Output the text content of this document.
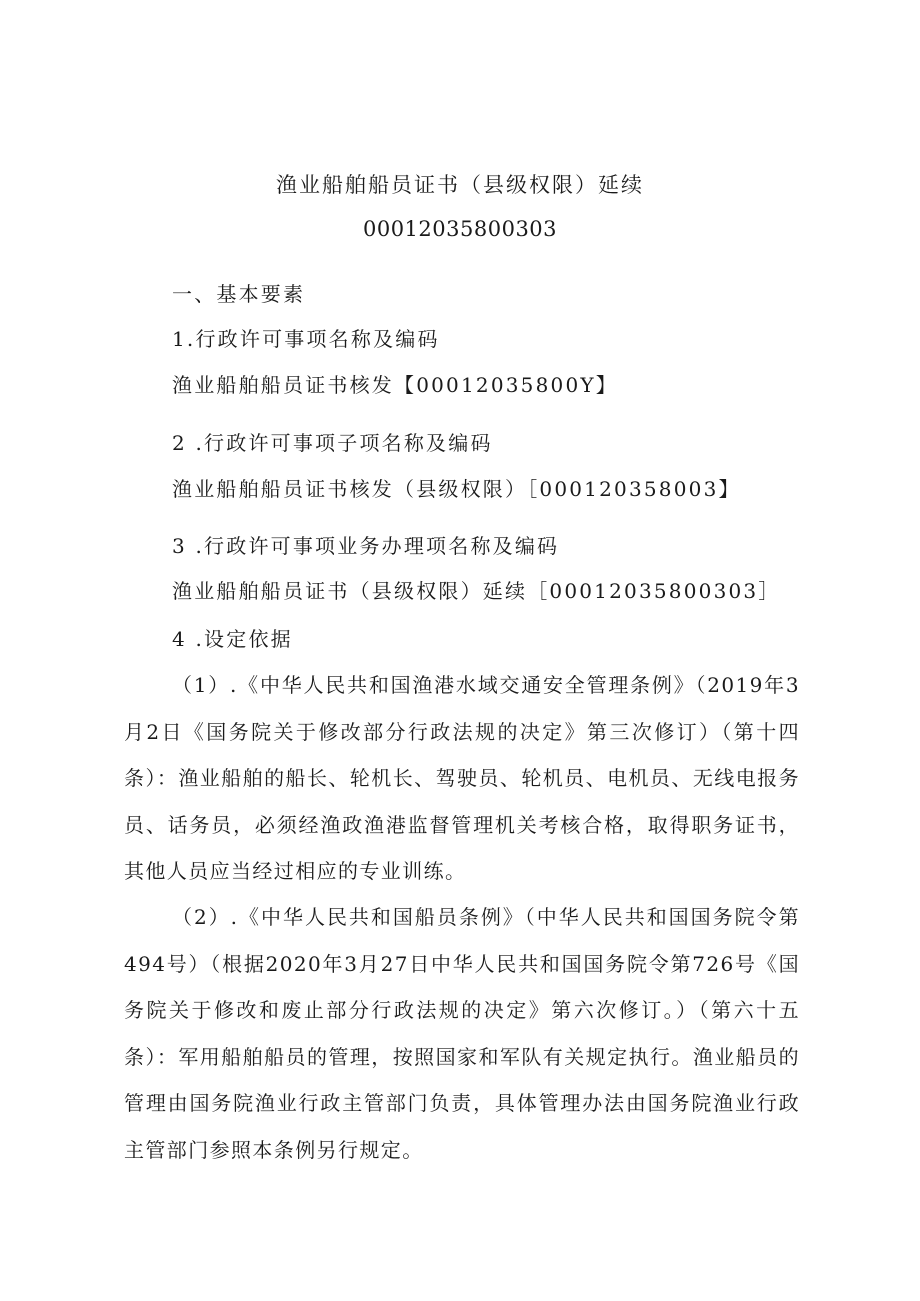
渔业船舶船员证书（县级权限）延续
00012035800303
一、基本要素
1.行政许可事项名称及编码
渔业船舶船员证书核发【00012035800Y】
2 .行政许可事项子项名称及编码
渔业船舶船员证书核发（县级权限）［000120358003】
3 .行政许可事项业务办理项名称及编码
渔业船舶船员证书（县级权限）延续［00012035800303］
4 .设定依据

（1）.《中华人民共和国渔港水域交通安全管理条例》（2019年3月2日《国务院关于修改部分行政法规的决定》第三次修订）（第十四条）：渔业船舶的船长、轮机长、驾驶员、轮机员、电机员、无线电报务员、话务员，必须经渔政渔港监督管理机关考核合格，取得职务证书，其他人员应当经过相应的专业训练。

（2）.《中华人民共和国船员条例》（中华人民共和国国务院令第494号）（根据2020年3月27日中华人民共和国国务院令第726号《国务院关于修改和废止部分行政法规的决定》第六次修订。）（第六十五条）：军用船舶船员的管理，按照国家和军队有关规定执行。渔业船员的管理由国务院渔业行政主管部门负责，具体管理办法由国务院渔业行政主管部门参照本条例另行规定。
